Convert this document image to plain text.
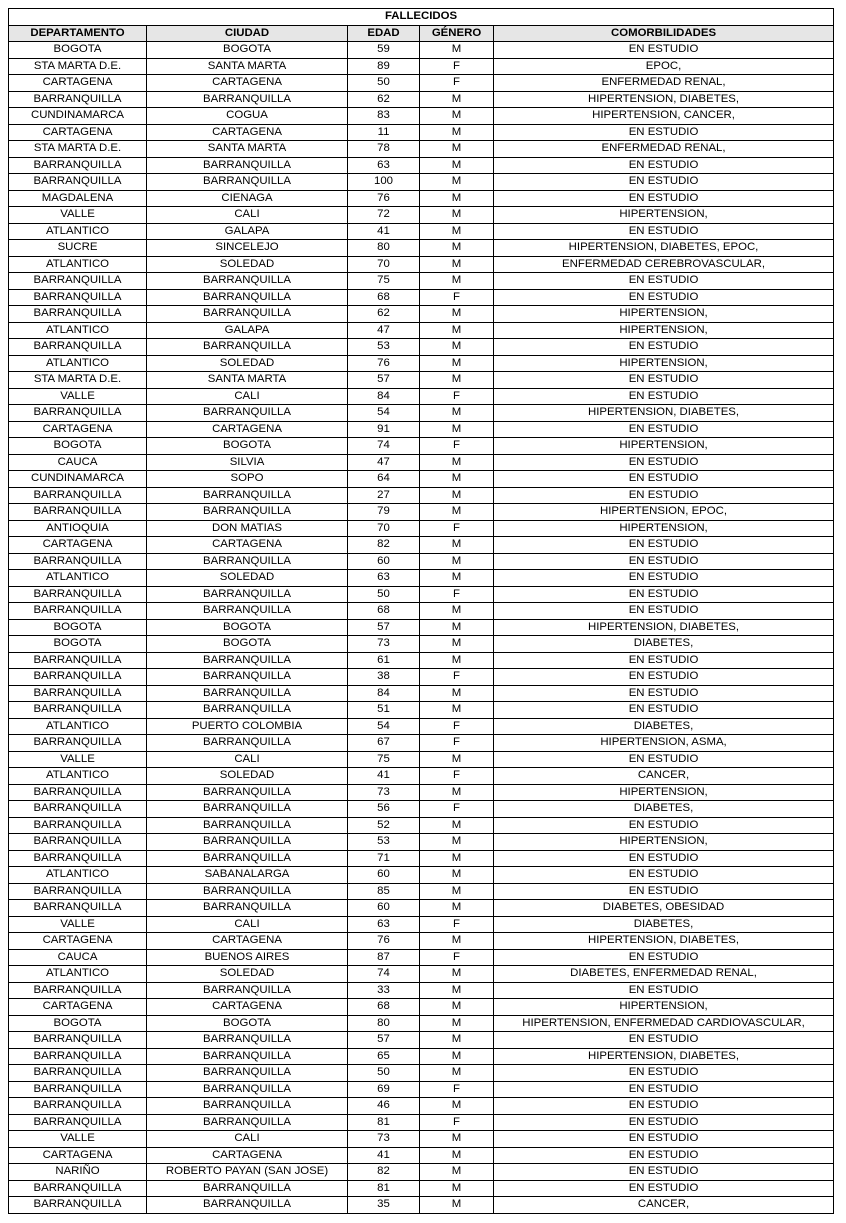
FALLECIDOS				
DEPARTAMENTO	CIUDAD	EDAD	GÉNERO	COMORBILIDADES
BOGOTA	BOGOTA	59	M	EN ESTUDIO
STA MARTA D.E.	SANTA MARTA	89	F	EPOC,
CARTAGENA	CARTAGENA	50	F	ENFERMEDAD RENAL,
BARRANQUILLA	BARRANQUILLA	62	M	HIPERTENSION, DIABETES,
CUNDINAMARCA	COGUA	83	M	HIPERTENSION, CANCER,
CARTAGENA	CARTAGENA	11	M	EN ESTUDIO
STA MARTA D.E.	SANTA MARTA	78	M	ENFERMEDAD RENAL,
BARRANQUILLA	BARRANQUILLA	63	M	EN ESTUDIO
BARRANQUILLA	BARRANQUILLA	100	M	EN ESTUDIO
MAGDALENA	CIENAGA	76	M	EN ESTUDIO
VALLE	CALI	72	M	HIPERTENSION,
ATLANTICO	GALAPA	41	M	EN ESTUDIO
SUCRE	SINCELEJO	80	M	HIPERTENSION, DIABETES, EPOC,
ATLANTICO	SOLEDAD	70	M	ENFERMEDAD CEREBROVASCULAR,
BARRANQUILLA	BARRANQUILLA	75	M	EN ESTUDIO
BARRANQUILLA	BARRANQUILLA	68	F	EN ESTUDIO
BARRANQUILLA	BARRANQUILLA	62	M	HIPERTENSION,
ATLANTICO	GALAPA	47	M	HIPERTENSION,
BARRANQUILLA	BARRANQUILLA	53	M	EN ESTUDIO
ATLANTICO	SOLEDAD	76	M	HIPERTENSION,
STA MARTA D.E.	SANTA MARTA	57	M	EN ESTUDIO
VALLE	CALI	84	F	EN ESTUDIO
BARRANQUILLA	BARRANQUILLA	54	M	HIPERTENSION, DIABETES,
CARTAGENA	CARTAGENA	91	M	EN ESTUDIO
BOGOTA	BOGOTA	74	F	HIPERTENSION,
CAUCA	SILVIA	47	M	EN ESTUDIO
CUNDINAMARCA	SOPO	64	M	EN ESTUDIO
BARRANQUILLA	BARRANQUILLA	27	M	EN ESTUDIO
BARRANQUILLA	BARRANQUILLA	79	M	HIPERTENSION, EPOC,
ANTIOQUIA	DON MATIAS	70	F	HIPERTENSION,
CARTAGENA	CARTAGENA	82	M	EN ESTUDIO
BARRANQUILLA	BARRANQUILLA	60	M	EN ESTUDIO
ATLANTICO	SOLEDAD	63	M	EN ESTUDIO
BARRANQUILLA	BARRANQUILLA	50	F	EN ESTUDIO
BARRANQUILLA	BARRANQUILLA	68	M	EN ESTUDIO
BOGOTA	BOGOTA	57	M	HIPERTENSION, DIABETES,
BOGOTA	BOGOTA	73	M	DIABETES,
BARRANQUILLA	BARRANQUILLA	61	M	EN ESTUDIO
BARRANQUILLA	BARRANQUILLA	38	F	EN ESTUDIO
BARRANQUILLA	BARRANQUILLA	84	M	EN ESTUDIO
BARRANQUILLA	BARRANQUILLA	51	M	EN ESTUDIO
ATLANTICO	PUERTO COLOMBIA	54	F	DIABETES,
BARRANQUILLA	BARRANQUILLA	67	F	HIPERTENSION, ASMA,
VALLE	CALI	75	M	EN ESTUDIO
ATLANTICO	SOLEDAD	41	F	CANCER,
BARRANQUILLA	BARRANQUILLA	73	M	HIPERTENSION,
BARRANQUILLA	BARRANQUILLA	56	F	DIABETES,
BARRANQUILLA	BARRANQUILLA	52	M	EN ESTUDIO
BARRANQUILLA	BARRANQUILLA	53	M	HIPERTENSION,
BARRANQUILLA	BARRANQUILLA	71	M	EN ESTUDIO
ATLANTICO	SABANALARGA	60	M	EN ESTUDIO
BARRANQUILLA	BARRANQUILLA	85	M	EN ESTUDIO
BARRANQUILLA	BARRANQUILLA	60	M	DIABETES, OBESIDAD
VALLE	CALI	63	F	DIABETES,
CARTAGENA	CARTAGENA	76	M	HIPERTENSION, DIABETES,
CAUCA	BUENOS AIRES	87	F	EN ESTUDIO
ATLANTICO	SOLEDAD	74	M	DIABETES, ENFERMEDAD RENAL,
BARRANQUILLA	BARRANQUILLA	33	M	EN ESTUDIO
CARTAGENA	CARTAGENA	68	M	HIPERTENSION,
BOGOTA	BOGOTA	80	M	HIPERTENSION, ENFERMEDAD CARDIOVASCULAR,
BARRANQUILLA	BARRANQUILLA	57	M	EN ESTUDIO
BARRANQUILLA	BARRANQUILLA	65	M	HIPERTENSION, DIABETES,
BARRANQUILLA	BARRANQUILLA	50	M	EN ESTUDIO
BARRANQUILLA	BARRANQUILLA	69	F	EN ESTUDIO
BARRANQUILLA	BARRANQUILLA	46	M	EN ESTUDIO
BARRANQUILLA	BARRANQUILLA	81	F	EN ESTUDIO
VALLE	CALI	73	M	EN ESTUDIO
CARTAGENA	CARTAGENA	41	M	EN ESTUDIO
NARIÑO	ROBERTO PAYAN (SAN JOSE)	82	M	EN ESTUDIO
BARRANQUILLA	BARRANQUILLA	81	M	EN ESTUDIO
BARRANQUILLA	BARRANQUILLA	35	M	CANCER,
